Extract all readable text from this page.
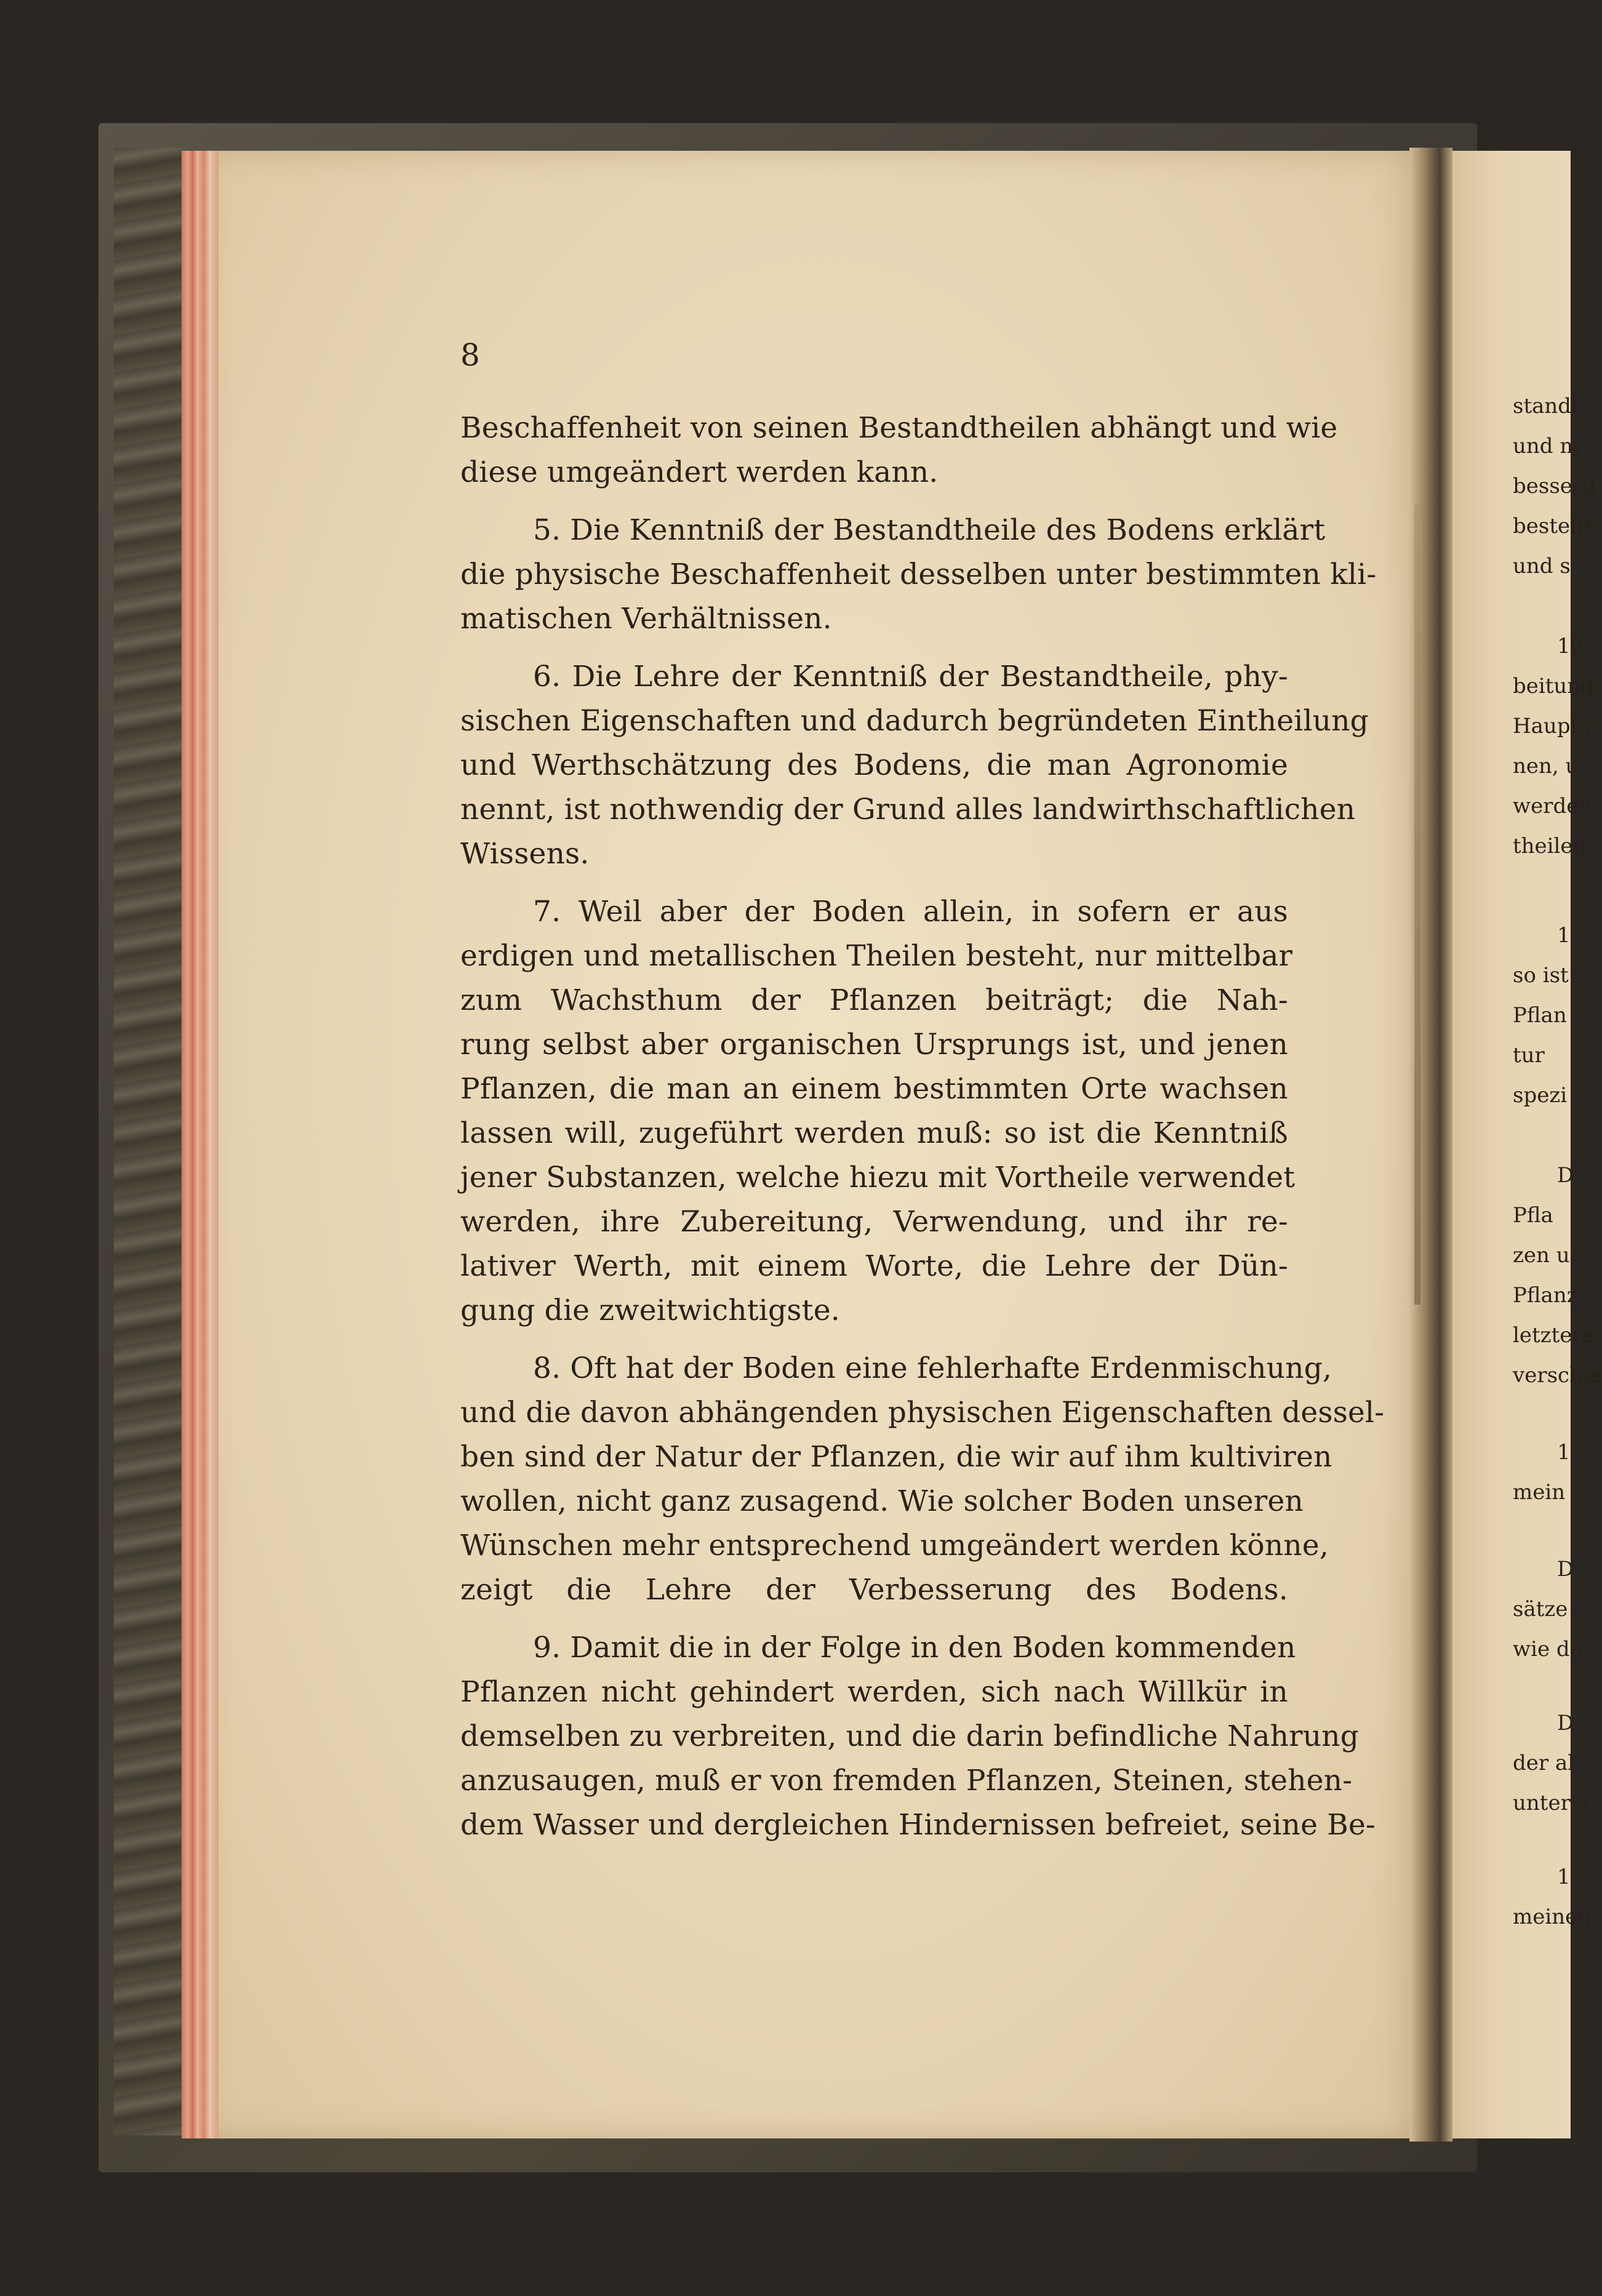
8
Beschaffenheit von seinen Bestandtheilen abhängt und wie
diese umgeändert werden kann.
5. Die Kenntniß der Bestandtheile des Bodens erklärt
die physische Beschaffenheit desselben unter bestimmten kli-
matischen Verhältnissen.
6. Die Lehre der Kenntniß der Bestandtheile, phy-
sischen Eigenschaften und dadurch begründeten Eintheilung
und Werthschätzung des Bodens, die man Agronomie
nennt, ist nothwendig der Grund alles landwirthschaftlichen
Wissens.
7. Weil aber der Boden allein, in sofern er aus
erdigen und metallischen Theilen besteht, nur mittelbar
zum Wachsthum der Pflanzen beiträgt; die Nah-
rung selbst aber organischen Ursprungs ist, und jenen
Pflanzen, die man an einem bestimmten Orte wachsen
lassen will, zugeführt werden muß: so ist die Kenntniß
jener Substanzen, welche hiezu mit Vortheile verwendet
werden, ihre Zubereitung, Verwendung, und ihr re-
lativer Werth, mit einem Worte, die Lehre der Dün-
gung die zweitwichtigste.
8. Oft hat der Boden eine fehlerhafte Erdenmischung,
und die davon abhängenden physischen Eigenschaften dessel-
ben sind der Natur der Pflanzen, die wir auf ihm kultiviren
wollen, nicht ganz zusagend. Wie solcher Boden unseren
Wünschen mehr entsprechend umgeändert werden könne,
zeigt die Lehre der Verbesserung des Bodens.
9. Damit die in der Folge in den Boden kommenden
Pflanzen nicht gehindert werden, sich nach Willkür in
demselben zu verbreiten, und die darin befindliche Nahrung
anzusaugen, muß er von fremden Pflanzen, Steinen, stehen-
dem Wasser und dergleichen Hindernissen befreiet, seine Be-
standt
und m
besseru
besteht
und s
10
beitung
Haupta
nen, u
werden
theilen.
1
so ist
Pflan
tur
spezi
D
Pfla
zen u
Pflanz
letztere
verschie
1
mein
D
sätze
wie de
D
der al
unter s
1
meinen
